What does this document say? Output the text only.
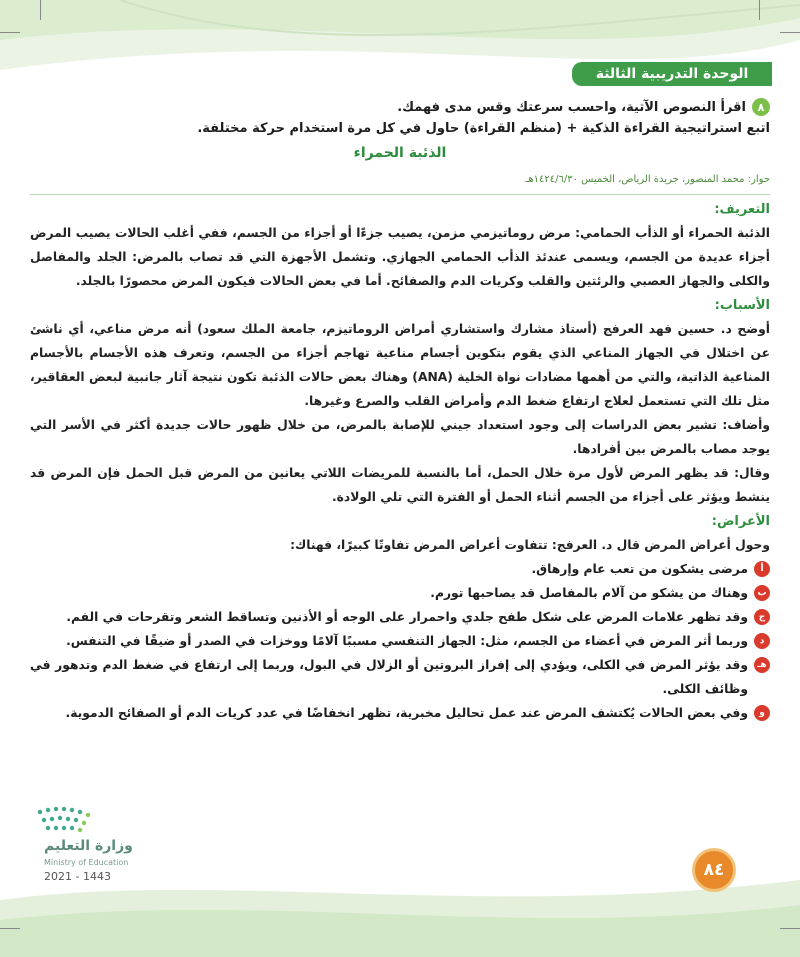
الوحدة التدريبية الثالثة
٨
اقرأ النصوص الآتية، واحسب سرعتك وقس مدى فهمك.
اتبع استراتيجية القراءة الذكية + (منظم القراءة) حاول في كل مرة استخدام حركة مختلفة.
الذئبة الحمراء
حوار: محمد المنصور، جريدة الرياض، الخميس ١٤٢٤/٦/٣٠هـ
التعريف:
الذئبة الحمراء أو الذأب الحمامي: مرض روماتيزمي مزمن، يصيب جزءًا أو أجزاء من الجسم، ففي أغلب الحالات يصيب المرض أجزاء عديدة من الجسم، ويسمى عندئذ الذأب الحمامي الجهازي. وتشمل الأجهزة التي قد تصاب بالمرض: الجلد والمفاصل والكلى والجهاز العصبي والرئتين والقلب وكريات الدم والصفائح. أما في بعض الحالات فيكون المرض محصورًا بالجلد.
الأسباب:
أوضح د. حسين فهد العرفج (أستاذ مشارك واستشاري أمراض الروماتيزم، جامعة الملك سعود) أنه مرض مناعي، أي ناشئ عن اختلال في الجهاز المناعي الذي يقوم بتكوين أجسام مناعية تهاجم أجزاء من الجسم، وتعرف هذه الأجسام بالأجسام المناعية الذاتية، والتي من أهمها مضادات نواة الخلية (ANA) وهناك بعض حالات الذئبة تكون نتيجة آثار جانبية لبعض العقاقير، مثل تلك التي تستعمل لعلاج ارتفاع ضغط الدم وأمراض القلب والصرع وغيرها.
وأضاف: تشير بعض الدراسات إلى وجود استعداد جيني للإصابة بالمرض، من خلال ظهور حالات جديدة أكثر في الأسر التي يوجد مصاب بالمرض بين أفرادها.
وقال: قد يظهر المرض لأول مرة خلال الحمل، أما بالنسبة للمريضات اللاتي يعانين من المرض قبل الحمل فإن المرض قد ينشط ويؤثر على أجزاء من الجسم أثناء الحمل أو الفترة التي تلي الولادة.
الأعراض:
وحول أعراض المرض قال د. العرفج: تتفاوت أعراض المرض تفاوتًا كبيرًا، فهناك:
أ
مرضى يشكون من تعب عام وإرهاق.
ب
وهناك من يشكو من آلام بالمفاصل قد يصاحبها تورم.
ج
وقد تظهر علامات المرض على شكل طفح جلدي واحمرار على الوجه أو الأذنين وتساقط الشعر وتقرحات في الفم.
د
وربما أثر المرض في أعضاء من الجسم، مثل: الجهاز التنفسي مسببًا آلامًا ووخزات في الصدر أو ضيقًا في التنفس.
هـ
وقد يؤثر المرض في الكلى، ويؤدي إلى إفراز البروتين أو الزلال في البول، وربما إلى ارتفاع في ضغط الدم وتدهور في وظائف الكلى.
و
وفي بعض الحالات يُكتشف المرض عند عمل تحاليل مخبرية، تظهر انخفاضًا في عدد كريات الدم أو الصفائح الدموية.
وزارة التعليم
Ministry of Education
2021 - 1443	٨٤
